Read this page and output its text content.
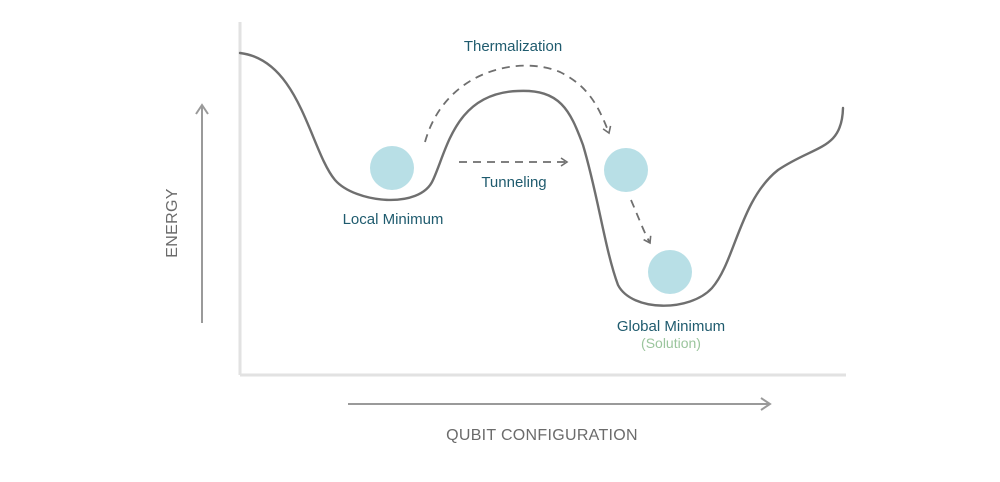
ENERGY
QUBIT CONFIGURATION
Thermalization
Tunneling
Local Minimum
Global Minimum
(Solution)
